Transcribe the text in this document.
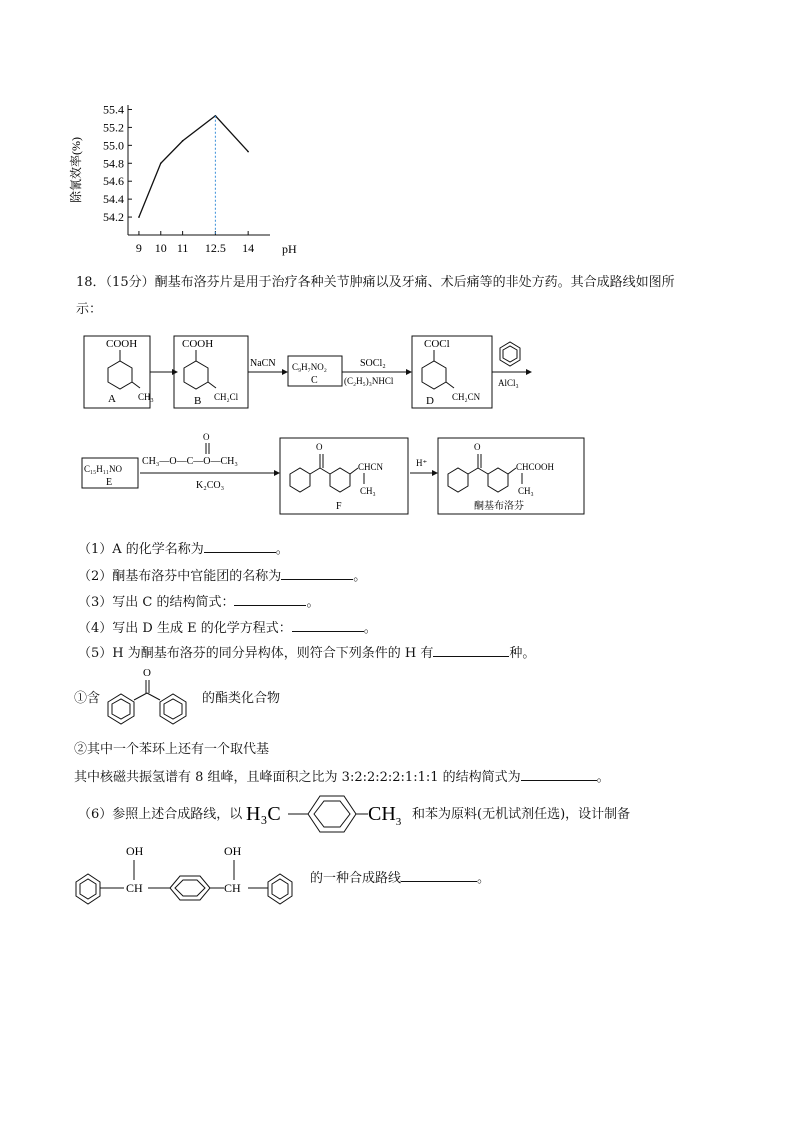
54.2
54.4
54.6
54.8
55.0
55.2
55.4
9 10 11 12.5 14
除氰效率(%)
pH
18．（15分）酮基布洛芬片是用于治疗各种关节肿痛以及牙痛、术后痛等的非处方药。其合成路线如图所
示：
COOH
$CH_3$
A
COOH
CH₂Cl
B
NaCN C₉H₇NO₂
C
SOCl₂
(C₂H₅)₃NHCl
COCl
CH₂CN
D
AlCl₃
C₁₅H₁₁NO
E
O
CH₃—O—C—O—CH₃
K₂CO₃
O
CHCN
CH₃
F
H⁺
O
CHCOOH
CH₃
酮基布洛芬
（1）A 的化学名称为	。
（2）酮基布洛芬中官能团的名称为	。
（3）写出 C 的结构简式：	。
（4）写出 D 生成 E 的化学方程式：	。
（5）H 为酮基布洛芬的同分异构体，则符合下列条件的 H 有	种。
①含
O
的酯类化合物
②其中一个苯环上还有一个取代基
其中核磁共振氢谱有 8 组峰，且峰面积之比为 3:2:2:2:2:1:1:1 的结构简式为	。
（6）参照上述合成路线，以 H₃C	$CH_3$ 和苯为原料(无机试剂任选)，设计制备
CH
OH
CH
OH
的一种合成路线	。
